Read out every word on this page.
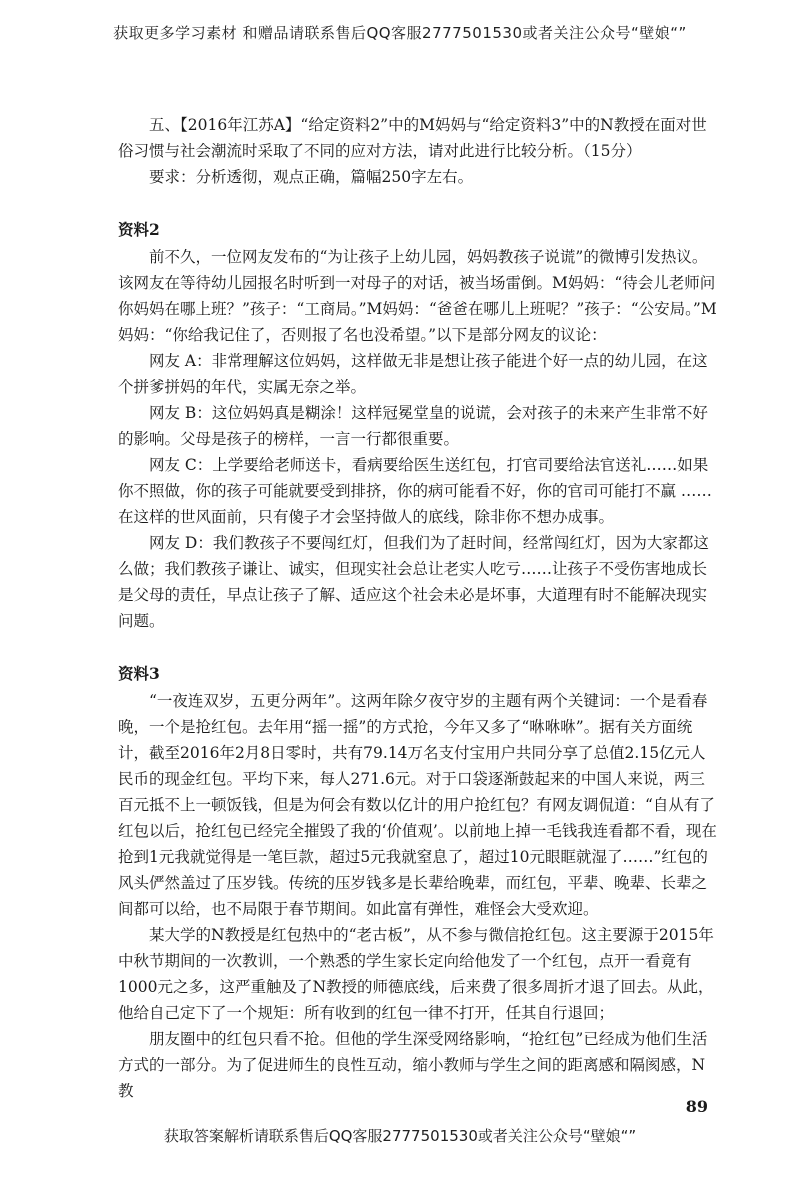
获取更多学习素材 和赠品请联系售后QQ客服2777501530或者关注公众号“壁娘“”

五、【2016年江苏A】“给定资料2”中的M妈妈与“给定资料3”中的N教授在面对世俗习惯与社会潮流时采取了不同的应对方法，请对此进行比较分析。（15分）

要求：分析透彻，观点正确，篇幅250字左右。

资料2

前不久，一位网友发布的“为让孩子上幼儿园，妈妈教孩子说谎”的微博引发热议。该网友在等待幼儿园报名时听到一对母子的对话，被当场雷倒。M妈妈：“待会儿老师问你妈妈在哪上班？”孩子：“工商局。”M妈妈：“爸爸在哪儿上班呢？”孩子：“公安局。”M妈妈：“你给我记住了，否则报了名也没希望。”以下是部分网友的议论：

网友 A：非常理解这位妈妈，这样做无非是想让孩子能进个好一点的幼儿园，在这个拼爹拼妈的年代，实属无奈之举。

网友 B：这位妈妈真是糊涂！这样冠冕堂皇的说谎，会对孩子的未来产生非常不好的影响。父母是孩子的榜样，一言一行都很重要。

网友 C：上学要给老师送卡，看病要给医生送红包，打官司要给法官送礼……如果你不照做，你的孩子可能就要受到排挤，你的病可能看不好，你的官司可能打不赢 ……在这样的世风面前，只有傻子才会坚持做人的底线，除非你不想办成事。

网友 D：我们教孩子不要闯红灯，但我们为了赶时间，经常闯红灯，因为大家都这么做；我们教孩子谦让、诚实，但现实社会总让老实人吃亏……让孩子不受伤害地成长是父母的责任，早点让孩子了解、适应这个社会未必是坏事，大道理有时不能解决现实问题。

资料3

“一夜连双岁，五更分两年”。这两年除夕夜守岁的主题有两个关键词：一个是看春晚，一个是抢红包。去年用“摇一摇”的方式抢，今年又多了“咻咻咻”。据有关方面统计，截至2016年2月8日零时，共有79.14万名支付宝用户共同分享了总值2.15亿元人民币的现金红包。平均下来，每人271.6元。对于口袋逐渐鼓起来的中国人来说，两三百元抵不上一顿饭钱，但是为何会有数以亿计的用户抢红包？有网友调侃道：“自从有了红包以后，抢红包已经完全摧毁了我的‘价值观’。以前地上掉一毛钱我连看都不看，现在抢到1元我就觉得是一笔巨款，超过5元我就窒息了，超过10元眼眶就湿了……”红包的风头俨然盖过了压岁钱。传统的压岁钱多是长辈给晚辈，而红包，平辈、晚辈、长辈之间都可以给，也不局限于春节期间。如此富有弹性，难怪会大受欢迎。

某大学的N教授是红包热中的“老古板”，从不参与微信抢红包。这主要源于2015年中秋节期间的一次教训，一个熟悉的学生家长定向给他发了一个红包，点开一看竟有1000元之多，这严重触及了N教授的师德底线，后来费了很多周折才退了回去。从此，他给自己定下了一个规矩：所有收到的红包一律不打开，任其自行退回；

朋友圈中的红包只看不抢。但他的学生深受网络影响，“抢红包”已经成为他们生活方式的一部分。为了促进师生的良性互动，缩小教师与学生之间的距离感和隔阂感，N教

89
获取答案解析请联系售后QQ客服2777501530或者关注公众号“壁娘“”
